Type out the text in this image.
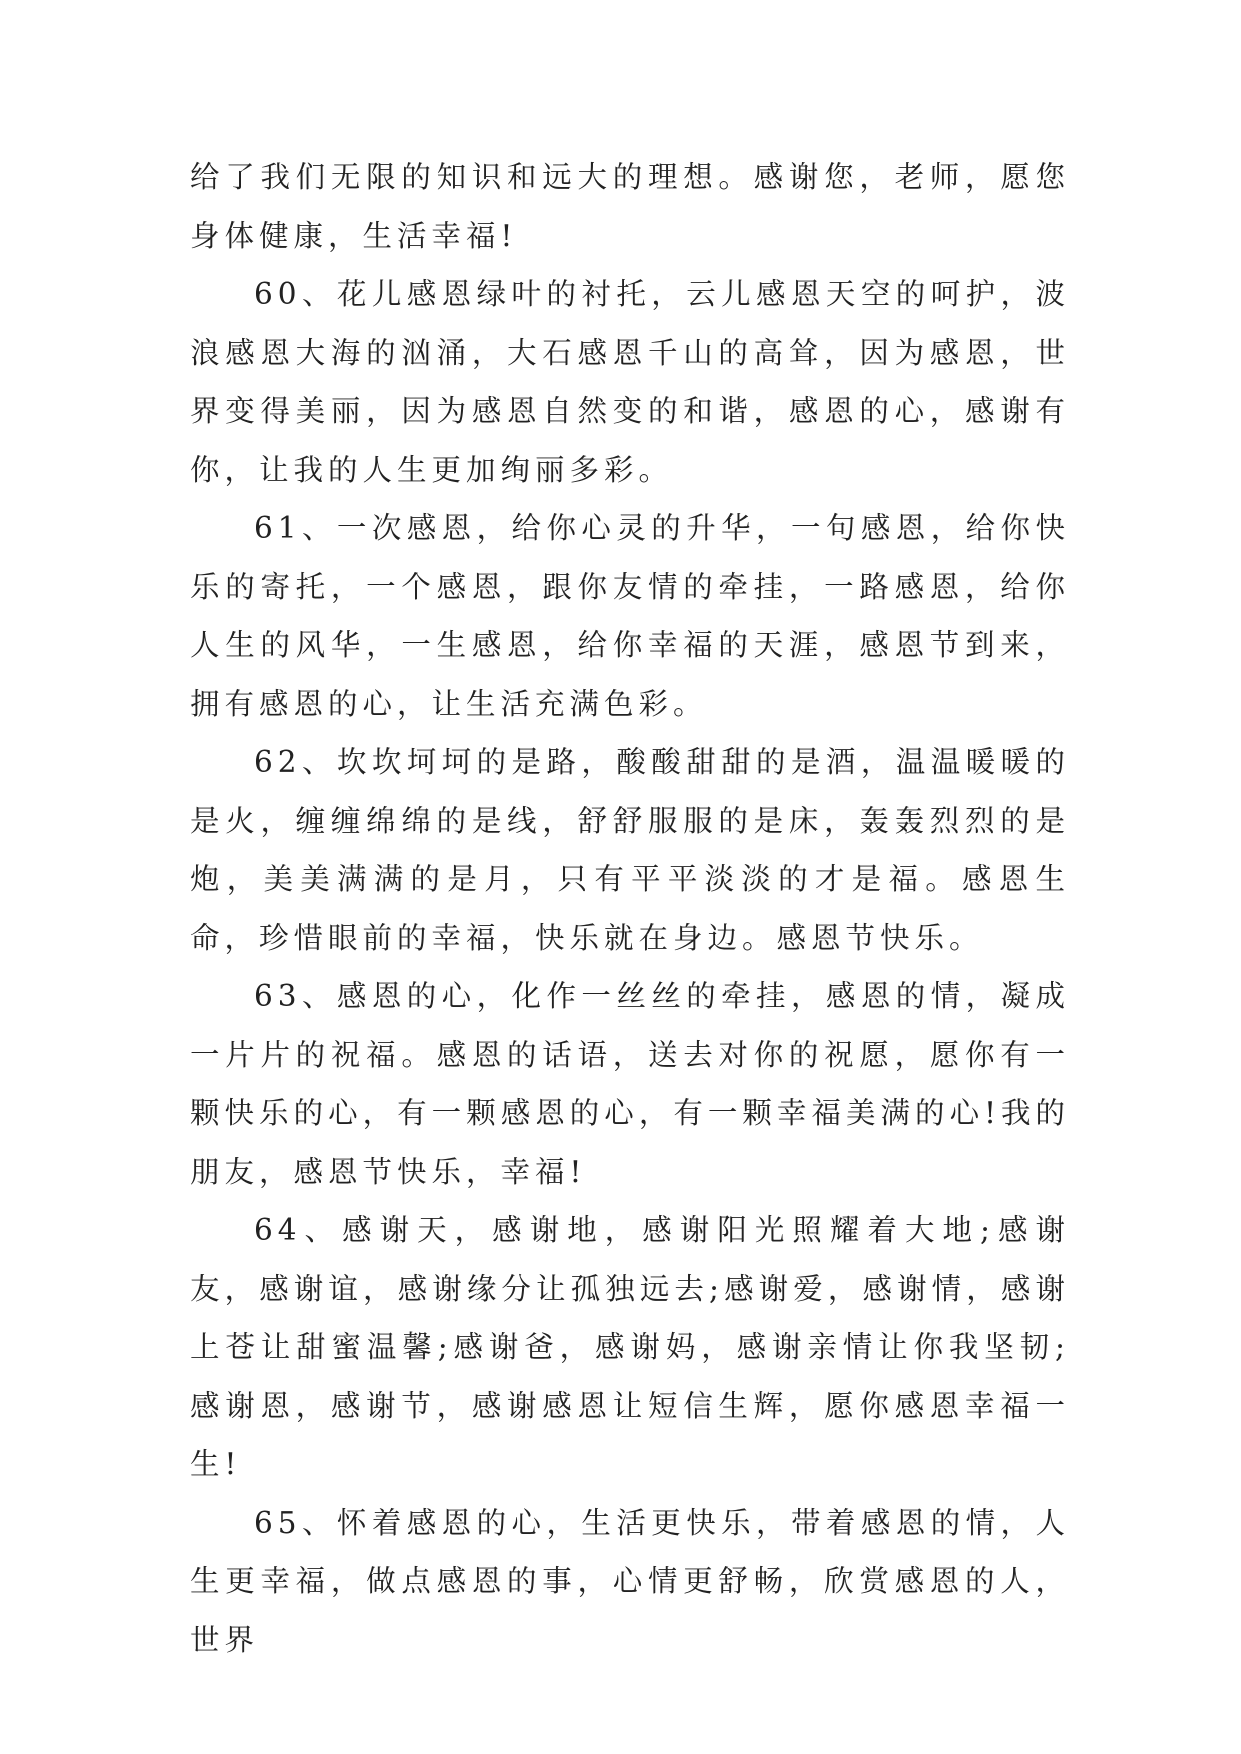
给了我们无限的知识和远大的理想。感谢您，老师，愿您身体健康，生活幸福!

60、花儿感恩绿叶的衬托，云儿感恩天空的呵护，波浪感恩大海的汹涌，大石感恩千山的高耸，因为感恩，世界变得美丽，因为感恩自然变的和谐，感恩的心，感谢有你，让我的人生更加绚丽多彩。

61、一次感恩，给你心灵的升华，一句感恩，给你快乐的寄托，一个感恩，跟你友情的牵挂，一路感恩，给你人生的风华，一生感恩，给你幸福的天涯，感恩节到来，拥有感恩的心，让生活充满色彩。

62、坎坎坷坷的是路，酸酸甜甜的是酒，温温暖暖的是火，缠缠绵绵的是线，舒舒服服的是床，轰轰烈烈的是炮，美美满满的是月，只有平平淡淡的才是福。感恩生命，珍惜眼前的幸福，快乐就在身边。感恩节快乐。

63、感恩的心，化作一丝丝的牵挂，感恩的情，凝成一片片的祝福。感恩的话语，送去对你的祝愿，愿你有一颗快乐的心，有一颗感恩的心，有一颗幸福美满的心!我的朋友，感恩节快乐，幸福!

64、感谢天，感谢地，感谢阳光照耀着大地;感谢友，感谢谊，感谢缘分让孤独远去;感谢爱，感谢情，感谢上苍让甜蜜温馨;感谢爸，感谢妈，感谢亲情让你我坚韧;感谢恩，感谢节，感谢感恩让短信生辉，愿你感恩幸福一生!

65、怀着感恩的心，生活更快乐，带着感恩的情，人生更幸福，做点感恩的事，心情更舒畅，欣赏感恩的人，世界
